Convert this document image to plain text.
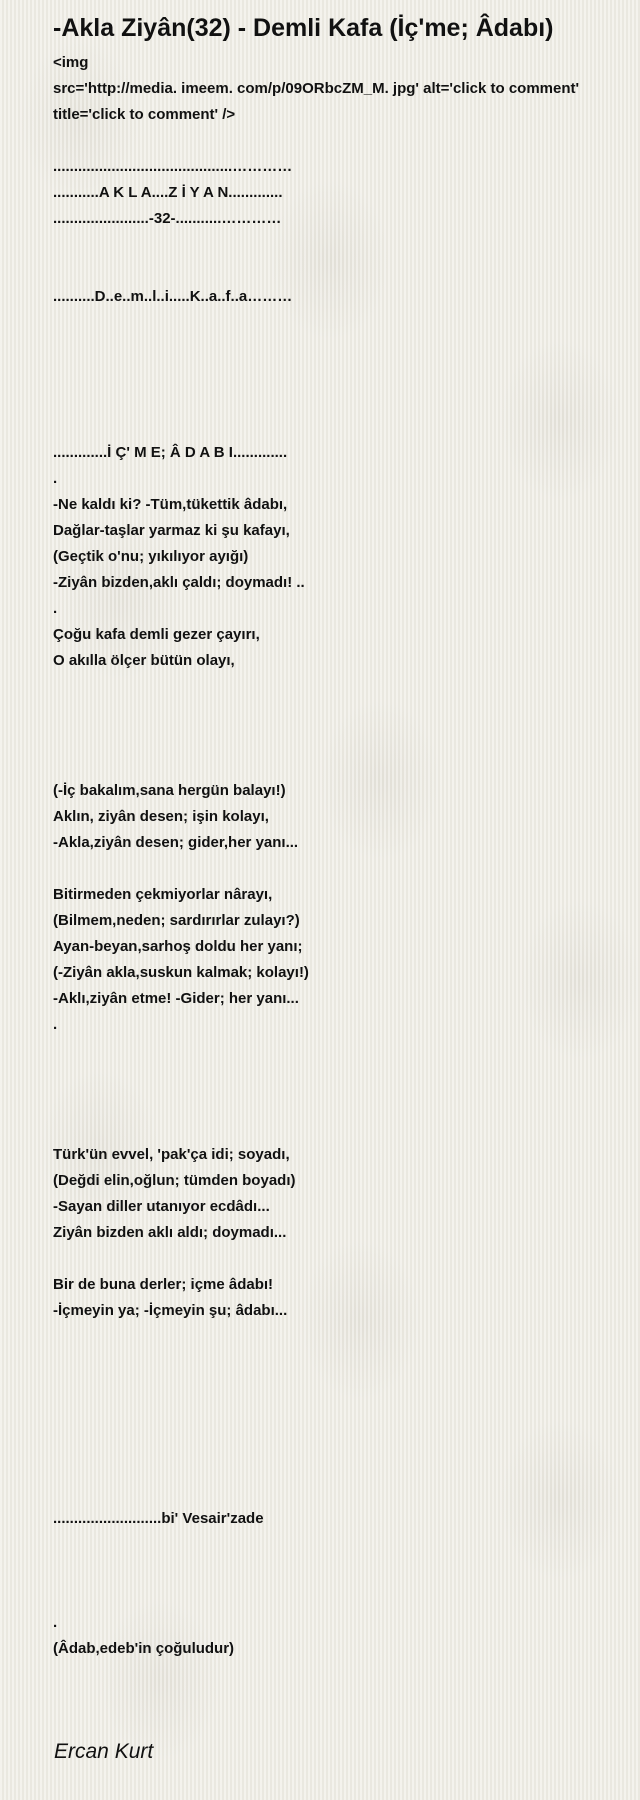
-Akla Ziyân(32) - Demli Kafa (İç'me; Âdabı)
<img
src='http://media. imeem. com/p/09ORbcZM_M. jpg' alt='click to comment' title='click to comment' />
...........................................…………
...........A K L A....Z İ Y A N.............
.......................-32-...........…………
..........D..e..m..l..i.....K..a..f..a………
.............İ Ç' M E; Â D A B I.............
.
-Ne kaldı ki? -Tüm,tükettik âdabı,
Dağlar-taşlar yarmaz ki şu kafayı,
(Geçtik o'nu; yıkılıyor ayığı)
-Ziyân bizden,aklı çaldı; doymadı! ..
.
Çoğu kafa demli gezer çayırı,
O akılla ölçer bütün olayı,
(-İç bakalım,sana hergün balayı!)
Aklın, ziyân desen; işin kolayı,
-Akla,ziyân desen; gider,her yanı...
Bitirmeden çekmiyorlar nârayı,
(Bilmem,neden; sardırırlar zulayı?)
Ayan-beyan,sarhoş doldu her yanı;
(-Ziyân akla,suskun kalmak; kolayı!)
-Aklı,ziyân etme! -Gider; her yanı...
.
Türk'ün evvel, 'pak'ça idi; soyadı,
(Değdi elin,oğlun; tümden boyadı)
-Sayan diller utanıyor ecdâdı...
Ziyân bizden aklı aldı; doymadı...
Bir de buna derler; içme âdabı!
-İçmeyin ya; -İçmeyin şu; âdabı...
..........................bi' Vesair'zade
.
(Âdab,edeb'in çoğuludur)
Ercan Kurt
